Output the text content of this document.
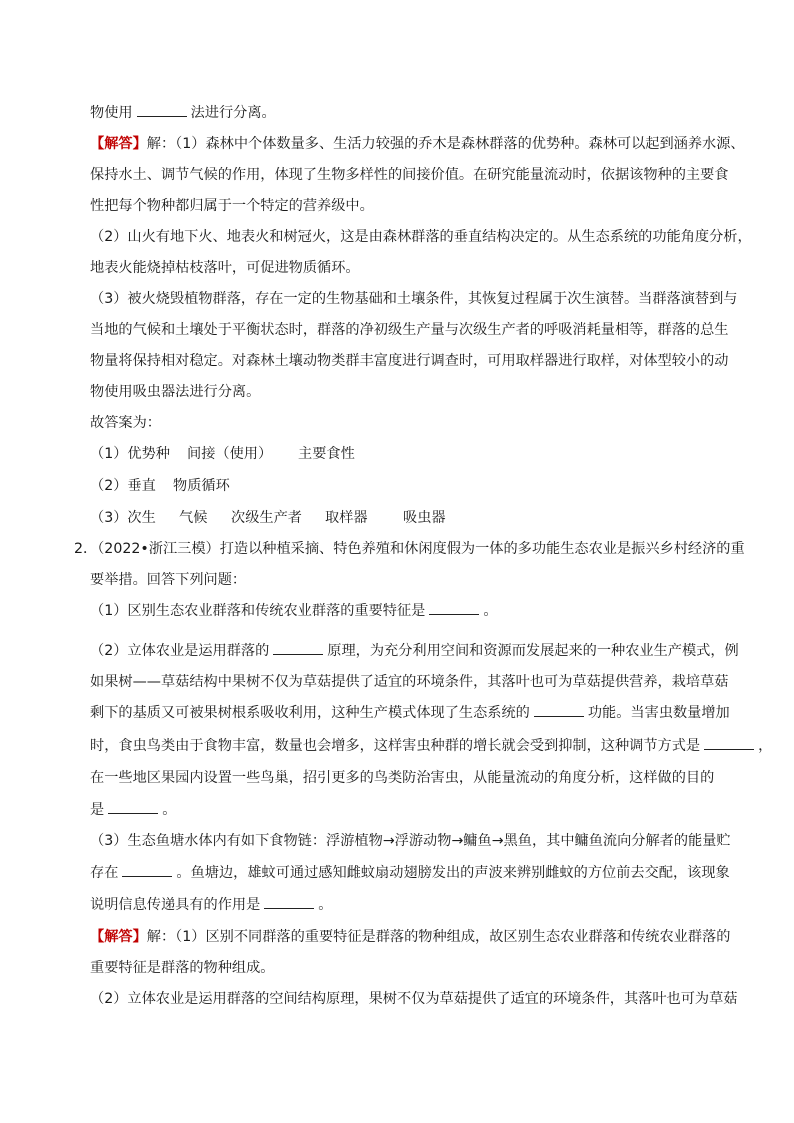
物使用	法进行分离。
【解答】解：（1）森林中个体数量多、生活力较强的乔木是森林群落的优势种。森林可以起到涵养水源、
保持水土、调节气候的作用，体现了生物多样性的间接价值。在研究能量流动时，依据该物种的主要食
性把每个物种都归属于一个特定的营养级中。
（2）山火有地下火、地表火和树冠火，这是由森林群落的垂直结构决定的。从生态系统的功能角度分析，
地表火能烧掉枯枝落叶，可促进物质循环。
（3）被火烧毁植物群落，存在一定的生物基础和土壤条件，其恢复过程属于次生演替。当群落演替到与
当地的气候和土壤处于平衡状态时，群落的净初级生产量与次级生产者的呼吸消耗量相等，群落的总生
物量将保持相对稳定。对森林土壤动物类群丰富度进行调查时，可用取样器进行取样，对体型较小的动
物使用吸虫器法进行分离。
故答案为：
（1）优势种 间接（使用） 主要食性
（2）垂直 物质循环
（3）次生 气候 次级生产者 取样器 吸虫器
2．（2022•浙江三模）打造以种植采摘、特色养殖和休闲度假为一体的多功能生态农业是振兴乡村经济的重
要举措。回答下列问题：
（1）区别生态农业群落和传统农业群落的重要特征是	。
（2）立体农业是运用群落的	原理，为充分利用空间和资源而发展起来的一种农业生产模式，例
如果树——草菇结构中果树不仅为草菇提供了适宜的环境条件，其落叶也可为草菇提供营养，栽培草菇
剩下的基质又可被果树根系吸收利用，这种生产模式体现了生态系统的	功能。当害虫数量增加
时，食虫鸟类由于食物丰富，数量也会增多，这样害虫种群的增长就会受到抑制，这种调节方式是	，
在一些地区果园内设置一些鸟巢，招引更多的鸟类防治害虫，从能量流动的角度分析，这样做的目的
是	。
（3）生态鱼塘水体内有如下食物链：浮游植物→浮游动物→鳙鱼→黑鱼，其中鳙鱼流向分解者的能量贮
存在	。鱼塘边，雄蚊可通过感知雌蚊扇动翅膀发出的声波来辨别雌蚊的方位前去交配，该现象
说明信息传递具有的作用是	。
【解答】解：（1）区别不同群落的重要特征是群落的物种组成，故区别生态农业群落和传统农业群落的
重要特征是群落的物种组成。
（2）立体农业是运用群落的空间结构原理，果树不仅为草菇提供了适宜的环境条件，其落叶也可为草菇
